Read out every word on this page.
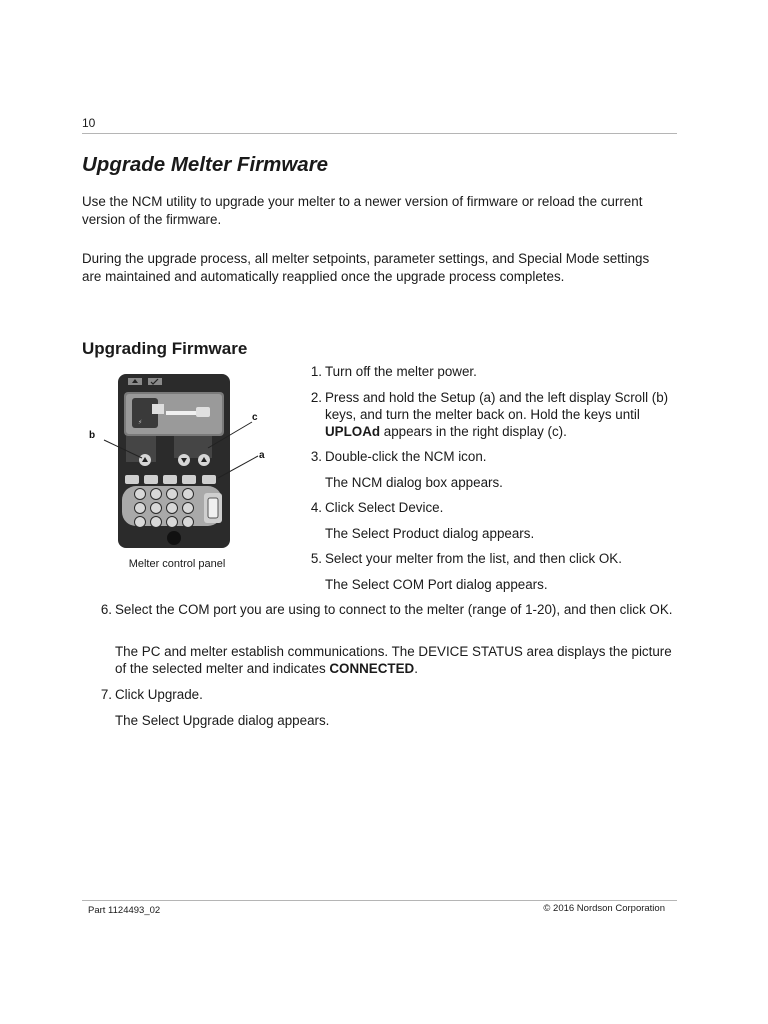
10
Upgrade Melter Firmware

Use the NCM utility to upgrade your melter to a newer version of firmware or reload the current version of the firmware.

During the upgrade process, all melter setpoints, parameter settings, and Special Mode settings are maintained and automatically reapplied once the upgrade process completes.

Upgrading Firmware
⚡
b
c
a
Melter control panel
1. Turn off the melter power.
2. Press and hold the Setup (a) and the left display Scroll (b) keys, and turn the melter back on. Hold the keys until UPLOAd appears in the right display (c).
3. Double-click the NCM icon.
The NCM dialog box appears.
4. Click Select Device.
The Select Product dialog appears.
5. Select your melter from the list, and then click OK.
The Select COM Port dialog appears.
6. Select the COM port you are using to connect to the melter (range of 1-20), and then click OK.
The PC and melter establish communications. The DEVICE STATUS area displays the picture of the selected melter and indicates CONNECTED.
7. Click Upgrade.
The Select Upgrade dialog appears.
Part 1124493_02	© 2016 Nordson Corporation
